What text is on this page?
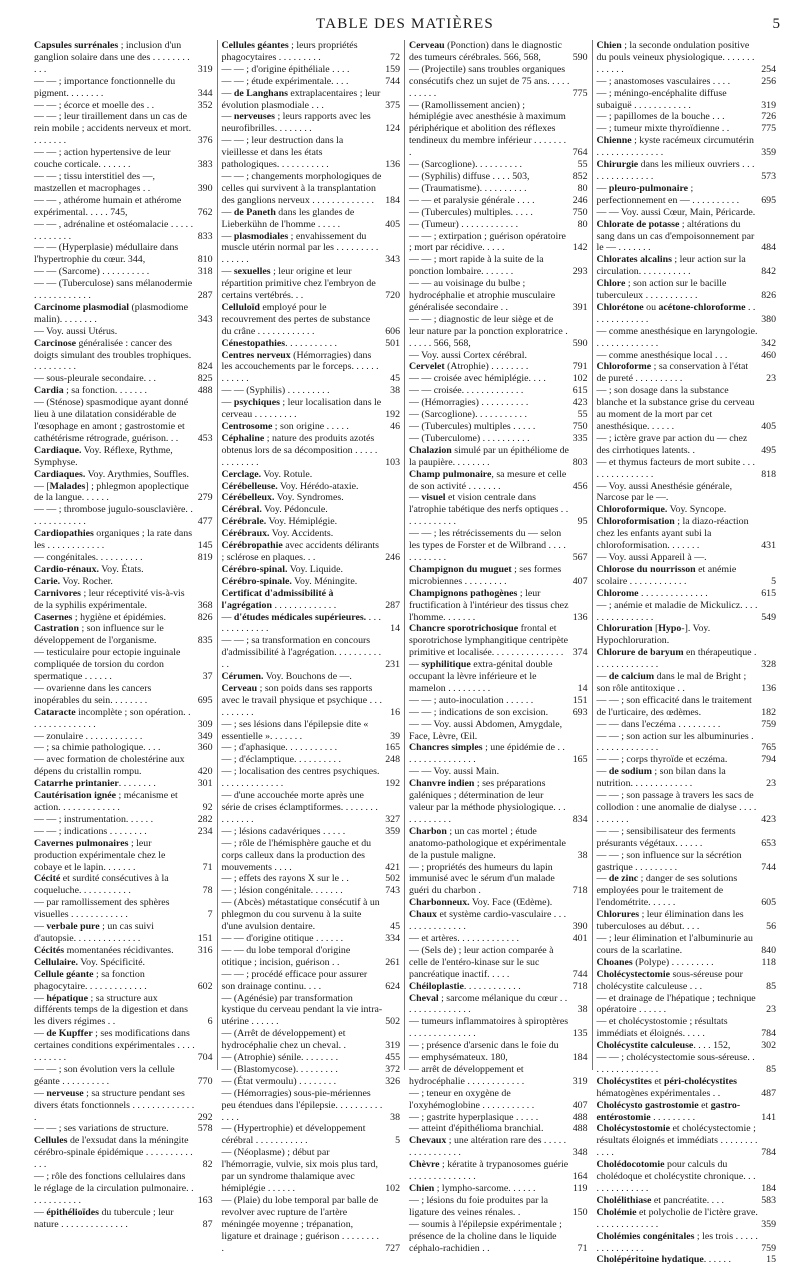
TABLE DES MATIÈRES	5
Capsules surrénales ; inclusion d'un ganglion solaire dans une des . . . . . . . . . . .	319
— — ; importance fonctionnelle du pigment. . . . . . . .	344
— — ; écorce et moelle des . .	352
— — ; leur tiraillement dans un cas de rein mobile ; accidents nerveux et mort. . . . . . . .	376
— — ; action hypertensive de leur couche corticale. . . . . . .	383
— — ; tissu interstitiel des —, mastzellen et macrophages . .	390
— — , athérome humain et athérome expérimental. . . . . 745,	762
— — , adrénaline et ostéomalacie . . . . . . . . . . . . .	833
— — (Hyperplasie) médullaire dans l'hypertrophie du cœur. 344,	810
— — (Sarcome) . . . . . . . . . .	318
— — (Tuberculose) sans mélanodermie . . . . . . . . . . . .	287
Carcinome plasmodial (plasmodiome malin). . . . . . . .	343
— Voy. aussi Utérus.
Carcinose généralisée : cancer des doigts simulant des troubles trophiques. . . . . . . . . .	824
— sous-pleurale secondaire. . .	825
Cardia ; sa fonction. . . . . . .	488
— (Sténose) spasmodique ayant donné lieu à une dilatation considérable de l'œsophage en amont ; gastrostomie et cathétérisme rétrograde, guérison. . .	453
Cardiaque. Voy. Réflexe, Rythme, Symphyse.
Cardiaques. Voy. Arythmies, Souffles.
— [Malades] ; phlegmon apoplectique de la langue. . . . . .	279
— — ; thrombose jugulo-sousclavière. . . . . . . . . . . . .	477
Cardiopathies organiques ; la rate dans les . . . . . . . . . . . .	145
— congénitales. . . . . . . . . .	819
Cardio-rénaux. Voy. États.
Carie. Voy. Rocher.
Carnivores ; leur réceptivité vis-à-vis de la syphilis expérimentale.	368
Casernes ; hygiène et épidémies.	826
Castration ; son influence sur le développement de l'organisme.	835
— testiculaire pour ectopie inguinale compliquée de torsion du cordon spermatique . . . . . .	37
— ovarienne dans les cancers inopérables du sein. . . . . . . .	695
Cataracte incomplète ; son opération. . . . . . . . . . . . . . .	309
— zonulaire . . . . . . . . . . . .	349
— ; sa chimie pathologique. . . .	360
— avec formation de cholestérine aux dépens du cristallin rompu.	420
Catarrhe printanier. . . . . . . .	301
Cautérisation ignée ; mécanisme et action. . . . . . . . . . . . .	92
— — ; instrumentation. . . . . .	282
— — ; indications . . . . . . . .	234
Cavernes pulmonaires ; leur production expérimentale chez le cobaye et le lapin. . . . . . .	71
Cécité et surdité consécutives à la coqueluche. . . . . . . . . . .	78
— par ramollissement des sphères visuelles . . . . . . . . . . . .	7
— verbale pure ; un cas suivi d'autopsie. . . . . . . . . . . . . .	151
Cécités momentanées récidivantes.	316
Cellulaire. Voy. Spécificité.
Cellule géante ; sa fonction phagocytaire. . . . . . . . . . . . .	602
— hépatique ; sa structure aux différents temps de la digestion et dans les divers régimes . .	6
— de Kupffer ; ses modifications dans certaines conditions expérimentales . . . . . . . . . . .	704
— — ; son évolution vers la cellule géante . . . . . . . . . .	770
— nerveuse ; sa structure pendant ses divers états fonctionnels . . . . . . . . . . . . . .	292
— — ; ses variations de structure.	578
Cellules de l'exsudat dans la méningite cérébro-spinale épidémique . . . . . . . . . . . . .	82
— ; rôle des fonctions cellulaires dans le réglage de la circulation pulmonaire. . . . . . . . . . . .	163
— épithélioïdes du tubercule ; leur nature . . . . . . . . . . . . . .	87
Cellules géantes ; leurs propriétés phagocytaires . . . . . . . . .	72
— — ; d'origine épithéliale . . . .	159
— — ; étude expérimentale. . . .	744
— de Langhans extraplacentaires ; leur évolution plasmodiale . . .	375
— nerveuses ; leurs rapports avec les neurofibrilles. . . . . . . .	124
— — ; leur destruction dans la vieillesse et dans les états pathologiques. . . . . . . . . . .	136
— — ; changements morphologiques de celles qui survivent à la transplantation des ganglions nerveux . . . . . . . . . . . . .	184
— de Paneth dans les glandes de Lieberkühn de l'homme . . . . .	405
— plasmodiales ; envahissement du muscle utérin normal par les . . . . . . . . . . . . . . .	343
— sexuelles ; leur origine et leur répartition primitive chez l'embryon de certains vertébrés. . .	720
Celluloïd employé pour le recouvrement des pertes de substance du crâne . . . . . . . . . . . .	606
Cénestopathies. . . . . . . . . . .	501
Centres nerveux (Hémorragies) dans les accouchements par le forceps. . . . . . . . . . . .	45
— — (Syphilis) . . . . . . . . .	38
— psychiques ; leur localisation dans le cerveau . . . . . . . . .	192
Centrosome ; son origine . . . . .	46
Céphaline ; nature des produits azotés obtenus lors de sa décomposition . . . . . . . . . . . . .	103
Cerclage. Voy. Rotule.
Cérébelleuse. Voy. Hérédo-ataxie.
Cérébelleux. Voy. Syndromes.
Cérébral. Voy. Pédoncule.
Cérébrale. Voy. Hémiplégie.
Cérébraux. Voy. Accidents.
Cérébropathie avec accidents délirants ; sclérose en plaques. . .	246
Cérébro-spinal. Voy. Liquide.
Cérébro-spinale. Voy. Méningite.
Certificat d'admissibilité à l'agrégation . . . . . . . . . . . . .	287
— d'études médicales supérieures. . . . . . . . . . . . . .	14
— — ; sa transformation en concours d'admissibilité à l'agrégation. . . . . . . . . . . .	231
Cérumen. Voy. Bouchons de —.
Cerveau ; son poids dans ses rapports avec le travail physique et psychique . . . . . . . . . .	16
— ; ses lésions dans l'épilepsie dite « essentielle ». . . . . . .	39
— ; d'aphasique. . . . . . . . . . .	165
— ; d'éclamptique. . . . . . . . . .	248
— ; localisation des centres psychiques. . . . . . . . . . . . . .	192
— d'une accouchée morte après une série de crises éclamptiformes. . . . . . . . . . . . . . .	327
— ; lésions cadavériques . . . . .	359
— ; rôle de l'hémisphère gauche et du corps calleux dans la production des mouvements . . . .	421
— ; effets des rayons X sur le . .	502
— ; lésion congénitale. . . . . . .	743
— (Abcès) métastatique consécutif à un phlegmon du cou survenu à la suite d'une avulsion dentaire.	45
— — d'origine otitique . . . . . .	334
— — du lobe temporal d'origine otitique ; incision, guérison . .	261
— — ; procédé efficace pour assurer son drainage continu. . . .	624
— (Agénésie) par transformation kystique du cerveau pendant la vie intra-utérine . . . . . .	502
— (Arrêt de développement) et hydrocéphalie chez un cheval. .	319
— (Atrophie) sénile. . . . . . . .	455
— (Blastomycose). . . . . . . . .	372
— (État vermoulu) . . . . . . . .	326
— (Hémorragies) sous-pie-mériennes peu étendues dans l'épilepsie. . . . . . . . . . . . . .	38
— (Hypertrophie) et développement cérébral . . . . . . . . . . .	5
— (Néoplasme) ; début par l'hémorragie, vulvie, six mois plus tard, par un syndrome thalamique avec hémiplégie . . . . . .	102
— (Plaie) du lobe temporal par balle de revolver avec rupture de l'artère méningée moyenne ; trépanation, ligature et drainage ; guérison . . . . . . . . .	727
Cerveau (Ponction) dans le diagnostic des tumeurs cérébrales. 566, 568,	590
— (Projectile) sans troubles organiques consécutifs chez un sujet de 75 ans. . . . . . . . . . .	775
— (Ramollissement ancien) ; hémiplégie avec anesthésie à maximum périphérique et abolition des réflexes tendineux du membre inférieur . . . . . . . .	764
— (Sarcoglione). . . . . . . . . .	55
— (Syphilis) diffuse . . . . 503,	852
— (Traumatisme). . . . . . . . . .	80
— — et paralysie générale . . . .	246
— (Tubercules) multiples. . . . .	750
— (Tumeur) . . . . . . . . . . . .	80
— — ; extirpation ; guérison opératoire ; mort par récidive. . . . .	142
— — ; mort rapide à la suite de la ponction lombaire. . . . . . .	293
— — au voisinage du bulbe ; hydrocéphalie et atrophie musculaire généralisée secondaire . .	391
— — ; diagnostic de leur siège et de leur nature par la ponction exploratrice . . . . . . 566, 568,	590
— Voy. aussi Cortex cérébral.
Cervelet (Atrophie) . . . . . . . .	791
— — croisée avec hémiplégie. . . .	102
— — croisée. . . . . . . . . . . . .	615
— (Hémorragies) . . . . . . . . . .	423
— (Sarcoglione). . . . . . . . . . .	55
— (Tubercules) multiples . . . . .	750
— (Tuberculome) . . . . . . . . . .	335
Chalazion simulé par un épithéliome de la paupière. . . . . . . .	803
Champ pulmonaire, sa mesure et celle de son activité . . . . . . .	456
— visuel et vision centrale dans l'atrophie tabétique des nerfs optiques . . . . . . . . . . . .	95
— — ; les rétrécissements du — selon les types de Forster et de Wilbrand . . . . . . . . . . . .	567
Champignon du muguet ; ses formes microbiennes . . . . . . . . .	407
Champignons pathogènes ; leur fructification à l'intérieur des tissus chez l'homme. . . . . . .	136
Chancre sporotrichosique frontal et sporotrichose lymphangitique centripète primitive et localisée. . . . . . . . . . . . . . . 374
— syphilitique extra-génital double occupant la lèvre inférieure et le mamelon . . . . . . . . .	14
— — ; auto-inoculation . . . . . .	151
— — ; indications de son excision.	693
— — Voy. aussi Abdomen, Amygdale, Face, Lèvre, Œil.
Chancres simples ; une épidémie de . . . . . . . . . . . . . . . .	165
— — Voy. aussi Main.
Chanvre indien ; ses préparations galéniques ; détermination de leur valeur par la méthode physiologique. . . . . . . . . . . .	834
Charbon ; un cas mortel ; étude anatomo-pathologique et expérimentale de la pustule maligne.	38
— ; propriétés des humeurs du lapin immunisé avec le sérum d'un malade guéri du charbon .	718
Charbonneux. Voy. Face (Œdème).
Chaux et système cardio-vasculaire . . . . . . . . . . . . . . .	390
— et artères. . . . . . . . . . . . .	401
— (Sels de) ; leur action comparée à celle de l'entéro-kinase sur le suc pancréatique inactif. . . . .	744
Chéiloplastie. . . . . . . . . . . .	718
Cheval ; sarcome mélanique du cœur . . . . . . . . . . . . . . .	38
— tumeurs inflammatoires à spiroptères . . . . . . . . . . . . . .	135
— ; présence d'arsenic dans le foie du — emphysémateux. 180,	184
— arrêt de développement et hydrocéphalie . . . . . . . . . . . .	319
— ; teneur en oxygène de l'oxyhémoglobine . . . . . . . . . . .	407
— ; gastrite hyperplasique . . . . .	488
— atteint d'épithélioma branchial.	488
Chevaux ; une altération rare des . . . . . . . . . . . . . . . .	348
Chèvre ; kératite à trypanosomes guérie . . . . . . . . . . . . . .	164
Chien ; lympho-sarcome. . . . . .	119
— ; lésions du foie produites par la ligature des veines rénales. .	150
— soumis à l'épilepsie expérimentale ; présence de la choline dans le liquide céphalo-rachidien . .	71
Chien ; la seconde ondulation positive du pouls veineux physiologique. . . . . . . . . . . . .	254
— ; anastomoses vasculaires . . . .	256
— ; méningo-encéphalite diffuse subaiguë . . . . . . . . . . . .	319
— ; papillomes de la bouche . . .	726
— ; tumeur mixte thyroïdienne . .	775
Chienne ; kyste racémeux circumutérin . . . . . . . . . . . . . .	359
Chirurgie dans les milieux ouvriers . . . . . . . . . . . . . . .	573
— pleuro-pulmonaire ; perfectionnement en — . . . . . . . . . .	695
— — Voy. aussi Cœur, Main, Péricarde.
Chlorate de potasse ; altérations du sang dans un cas d'empoisonnement par le — . . . . . . .	484
Chlorates alcalins ; leur action sur la circulation. . . . . . . . . . .	842
Chlore ; son action sur le bacille tuberculeux . . . . . . . . . . .	826
Chlorétone ou acétone-chloroforme . . . . . . . . . . . . .	380
— comme anesthésique en laryngologie. . . . . . . . . . . . . .	342
— comme anesthésique local . . .	460
Chloroforme ; sa conservation à l'état de pureté . . . . . . . . . .	23
— ; son dosage dans la substance blanche et la substance grise du cerveau au moment de la mort par cet anesthésique. . . . . .	405
— ; ictère grave par action du — chez des cirrhotiques latents. .	495
— et thymus facteurs de mort subite . . . . . . . . . . . . . . .	818
— Voy. aussi Anesthésie générale, Narcose par le —.
Chloroformique. Voy. Syncope.
Chloroformisation ; la diazo-réaction chez les enfants ayant subi la chloroformisation. . . . . . .	431
— Voy. aussi Appareil à —.
Chlorose du nourrisson et anémie scolaire . . . . . . . . . . . .	5
Chlorome . . . . . . . . . . . . . .	615
— ; anémie et maladie de Mickulicz. . . . . . . . . . . . . . . .	549
Chloruration [Hypo-]. Voy. Hypochloruration.
Chlorure de baryum en thérapeutique . . . . . . . . . . . . . .	328
— de calcium dans le mal de Bright ; son rôle antitoxique . .	136
— — ; son efficacité dans le traitement de l'urticaire, des œdèmes.	182
— — dans l'eczéma . . . . . . . . .	759
— — ; son action sur les albuminuries . . . . . . . . . . . . . .	765
— — ; corps thyroïde et eczéma.	794
— de sodium ; son bilan dans la nutrition. . . . . . . . . . . . .	23
— — ; son passage à travers les sacs de collodion : une anomalie de dialyse . . . . . . . . . . .	423
— — ; sensibilisateur des ferments présurants végétaux. . . . . .	653
— — ; son influence sur la sécrétion gastrique . . . . . . . . .	744
— de zinc ; danger de ses solutions employées pour le traitement de l'endométrite. . . . . .	605
Chlorures ; leur élimination dans les tuberculoses au début. . . .	56
— ; leur élimination et l'albuminurie au cours de la scarlatine.	840
Choanes (Polype) . . . . . . . . .	118
Cholécystectomie sous-séreuse pour cholécystite calculeuse . . .	85
— et drainage de l'hépatique ; technique opératoire . . . . . .	23
— et cholécystostomie ; résultats immédiats et éloignés. . . . .	784
Cholécystite calculeuse. . . . 152,	302
— — ; cholécystectomie sous-séreuse. . . . . . . . . . . . . . .	85
Cholécystites et péri-cholécystites hématogènes expérimentales . .	487
Cholécysto gastrostomie et gastro-entérostomie . . . . . . . . .	141
Cholécystostomie et cholécystectomie ; résultats éloignés et immédiats . . . . . . . . . . . .	784
Cholédocotomie pour calculs du cholédoque et cholécystite chronique. . . . . . . . . . . . . .	184
Cholélithiase et pancréatite. . . .	583
Cholémie et polycholie de l'ictère grave. . . . . . . . . . . . . .	359
Cholémies congénitales ; les trois . . . . . . . . . . . . . . .	759
Cholépéritoine hydatique. . . . . .	15
